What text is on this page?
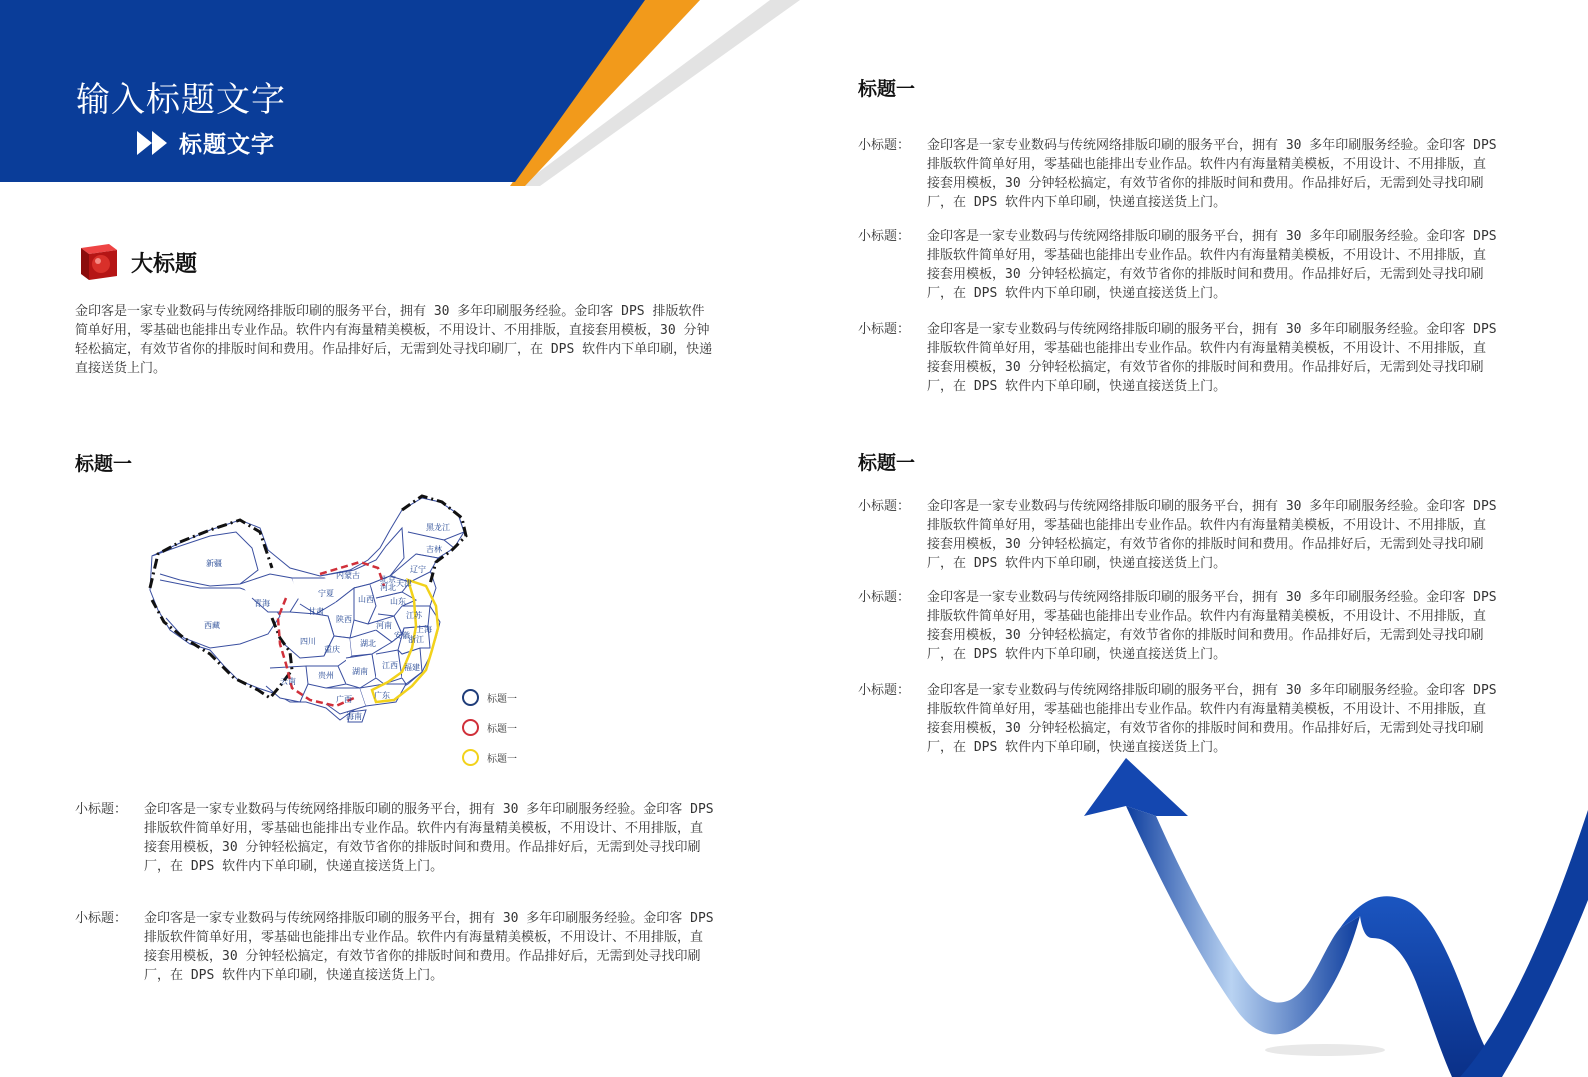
输入标题文字
标题文字
大标题
金印客是一家专业数码与传统网络排版印刷的服务平台，拥有 30 多年印刷服务经验。金印客 DPS 排版软件简单好用，零基础也能排出专业作品。软件内有海量精美模板，不用设计、不用排版，直接套用模板，30 分钟轻松搞定，有效节省你的排版时间和费用。作品排好后，无需到处寻找印刷厂，在 DPS 软件内下单印刷，快递直接送货上门。
标题一
新疆
西藏
青海
甘肃
内蒙古
黑龙江
吉林
辽宁
山西
陕西
四川
重庆
贵州
云南
湖南
湖北
河南
江西
广西	广东
海南
福建
浙江
安徽
江苏
山东
河北
北京
宁夏
天津
上海
标题一
标题一
标题一
小标题：	金印客是一家专业数码与传统网络排版印刷的服务平台，拥有 30 多年印刷服务经验。金印客 DPS 排版软件简单好用，零基础也能排出专业作品。软件内有海量精美模板，不用设计、不用排版，直接套用模板，30 分钟轻松搞定，有效节省你的排版时间和费用。作品排好后，无需到处寻找印刷厂，在 DPS 软件内下单印刷，快递直接送货上门。
小标题：	金印客是一家专业数码与传统网络排版印刷的服务平台，拥有 30 多年印刷服务经验。金印客 DPS 排版软件简单好用，零基础也能排出专业作品。软件内有海量精美模板，不用设计、不用排版，直接套用模板，30 分钟轻松搞定，有效节省你的排版时间和费用。作品排好后，无需到处寻找印刷厂，在 DPS 软件内下单印刷，快递直接送货上门。
标题一
小标题：	金印客是一家专业数码与传统网络排版印刷的服务平台，拥有 30 多年印刷服务经验。金印客 DPS 排版软件简单好用，零基础也能排出专业作品。软件内有海量精美模板，不用设计、不用排版，直接套用模板，30 分钟轻松搞定，有效节省你的排版时间和费用。作品排好后，无需到处寻找印刷厂，在 DPS 软件内下单印刷，快递直接送货上门。
小标题：	金印客是一家专业数码与传统网络排版印刷的服务平台，拥有 30 多年印刷服务经验。金印客 DPS 排版软件简单好用，零基础也能排出专业作品。软件内有海量精美模板，不用设计、不用排版，直接套用模板，30 分钟轻松搞定，有效节省你的排版时间和费用。作品排好后，无需到处寻找印刷厂，在 DPS 软件内下单印刷，快递直接送货上门。
小标题：	金印客是一家专业数码与传统网络排版印刷的服务平台，拥有 30 多年印刷服务经验。金印客 DPS 排版软件简单好用，零基础也能排出专业作品。软件内有海量精美模板，不用设计、不用排版，直接套用模板，30 分钟轻松搞定，有效节省你的排版时间和费用。作品排好后，无需到处寻找印刷厂，在 DPS 软件内下单印刷，快递直接送货上门。
标题一
小标题：	金印客是一家专业数码与传统网络排版印刷的服务平台，拥有 30 多年印刷服务经验。金印客 DPS 排版软件简单好用，零基础也能排出专业作品。软件内有海量精美模板，不用设计、不用排版，直接套用模板，30 分钟轻松搞定，有效节省你的排版时间和费用。作品排好后，无需到处寻找印刷厂，在 DPS 软件内下单印刷，快递直接送货上门。
小标题：	金印客是一家专业数码与传统网络排版印刷的服务平台，拥有 30 多年印刷服务经验。金印客 DPS 排版软件简单好用，零基础也能排出专业作品。软件内有海量精美模板，不用设计、不用排版，直接套用模板，30 分钟轻松搞定，有效节省你的排版时间和费用。作品排好后，无需到处寻找印刷厂，在 DPS 软件内下单印刷，快递直接送货上门。
小标题：	金印客是一家专业数码与传统网络排版印刷的服务平台，拥有 30 多年印刷服务经验。金印客 DPS 排版软件简单好用，零基础也能排出专业作品。软件内有海量精美模板，不用设计、不用排版，直接套用模板，30 分钟轻松搞定，有效节省你的排版时间和费用。作品排好后，无需到处寻找印刷厂，在 DPS 软件内下单印刷，快递直接送货上门。
